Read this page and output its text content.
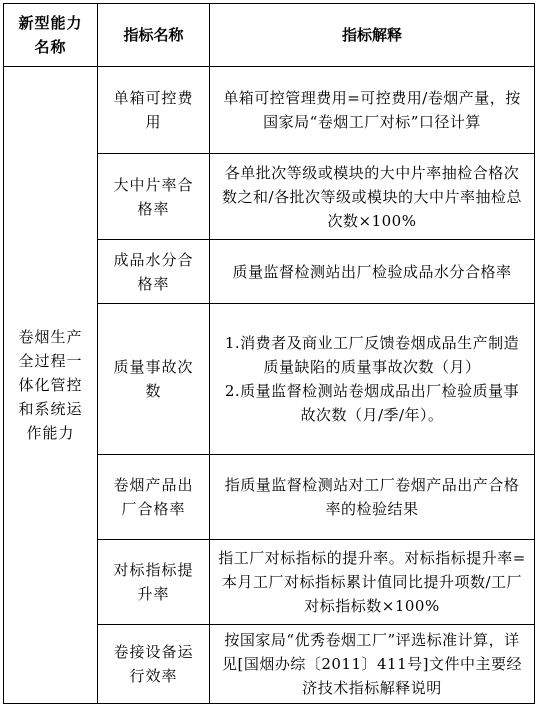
新型能力名称	指标名称	指标解释
卷烟生产全过程一体化管控和系统运作能力	单箱可控费用	单箱可控管理费用=可控费用/卷烟产量，按国家局“卷烟工厂对标”口径计算

	大中片率合格率	各单批次等级或模块的大中片率抽检合格次数之和/各批次等级或模块的大中片率抽检总次数×100%

	成品水分合格率	质量监督检测站出厂检验成品水分合格率

	质量事故次数	1.消费者及商业工厂反馈卷烟成品生产制造质量缺陷的质量事故次数（月）
2.质量监督检测站卷烟成品出厂检验质量事故次数（月/季/年）。

	卷烟产品出厂合格率	指质量监督检测站对工厂卷烟产品出产合格率的检验结果

	对标指标提升率	指工厂对标指标的提升率。对标指标提升率=本月工厂对标指标累计值同比提升项数/工厂对标指标数×100%

	卷接设备运行效率	按国家局“优秀卷烟工厂”评选标准计算，详见[国烟办综〔2011〕411号]文件中主要经济技术指标解释说明
